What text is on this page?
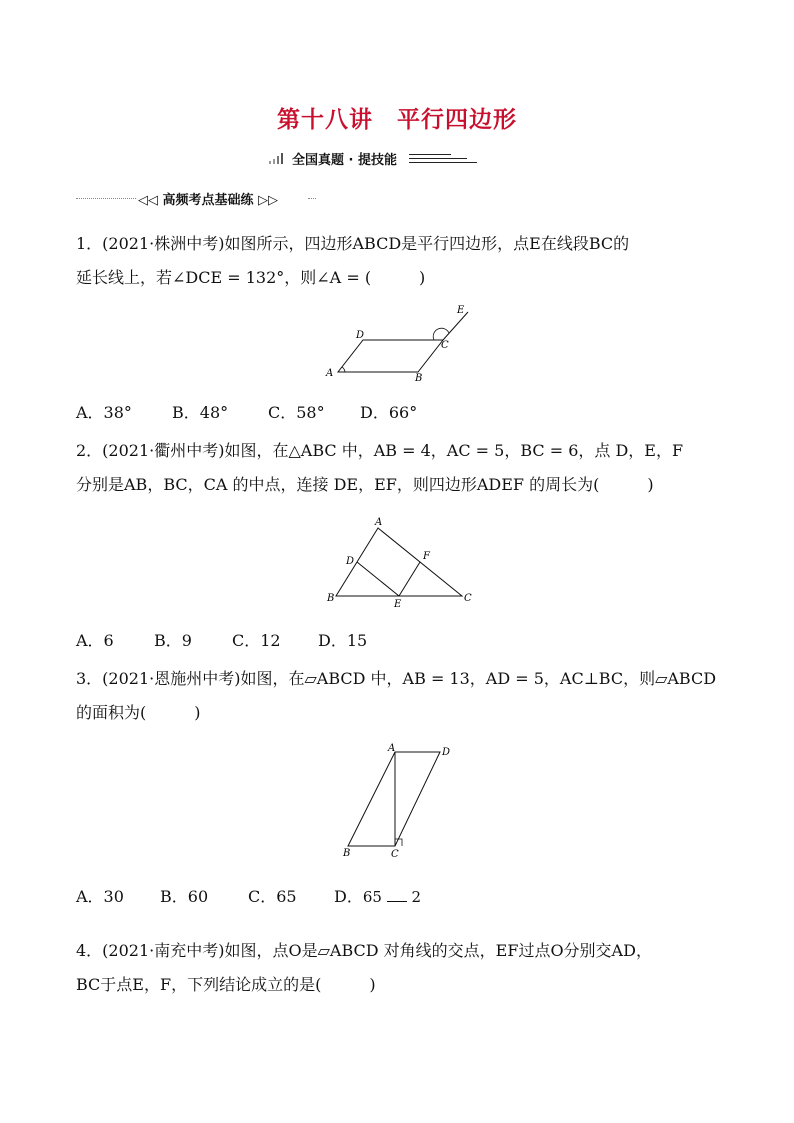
第十八讲　平行四边形
全国真题 · 提技能
◁◁ 高频考点基础练 ▷▷
1．(2021·株洲中考)如图所示，四边形ABCD是平行四边形，点E在线段BC的
延长线上，若∠DCE = 132°，则∠A = (　　　)
A	B
C
D
E
A．38°	B．48°	C．58°	D．66°
2．(2021·衢州中考)如图，在△ABC 中，AB = 4，AC = 5，BC = 6，点 D，E，F
分别是AB，BC，CA 的中点，连接 DE，EF，则四边形ADEF 的周长为(　　　)
A
B	C
D
E
F
A．6	B．9	C．12	D．15
3．(2021·恩施州中考)如图，在▱ABCD 中，AB = 13，AD = 5，AC⊥BC，则▱ABCD
的面积为(　　　)
A
B	C
D
A．30	B．60	C．65	D．65 2
4．(2021·南充中考)如图，点O是▱ABCD 对角线的交点，EF过点O分别交AD，
BC于点E，F，下列结论成立的是(　　　)
